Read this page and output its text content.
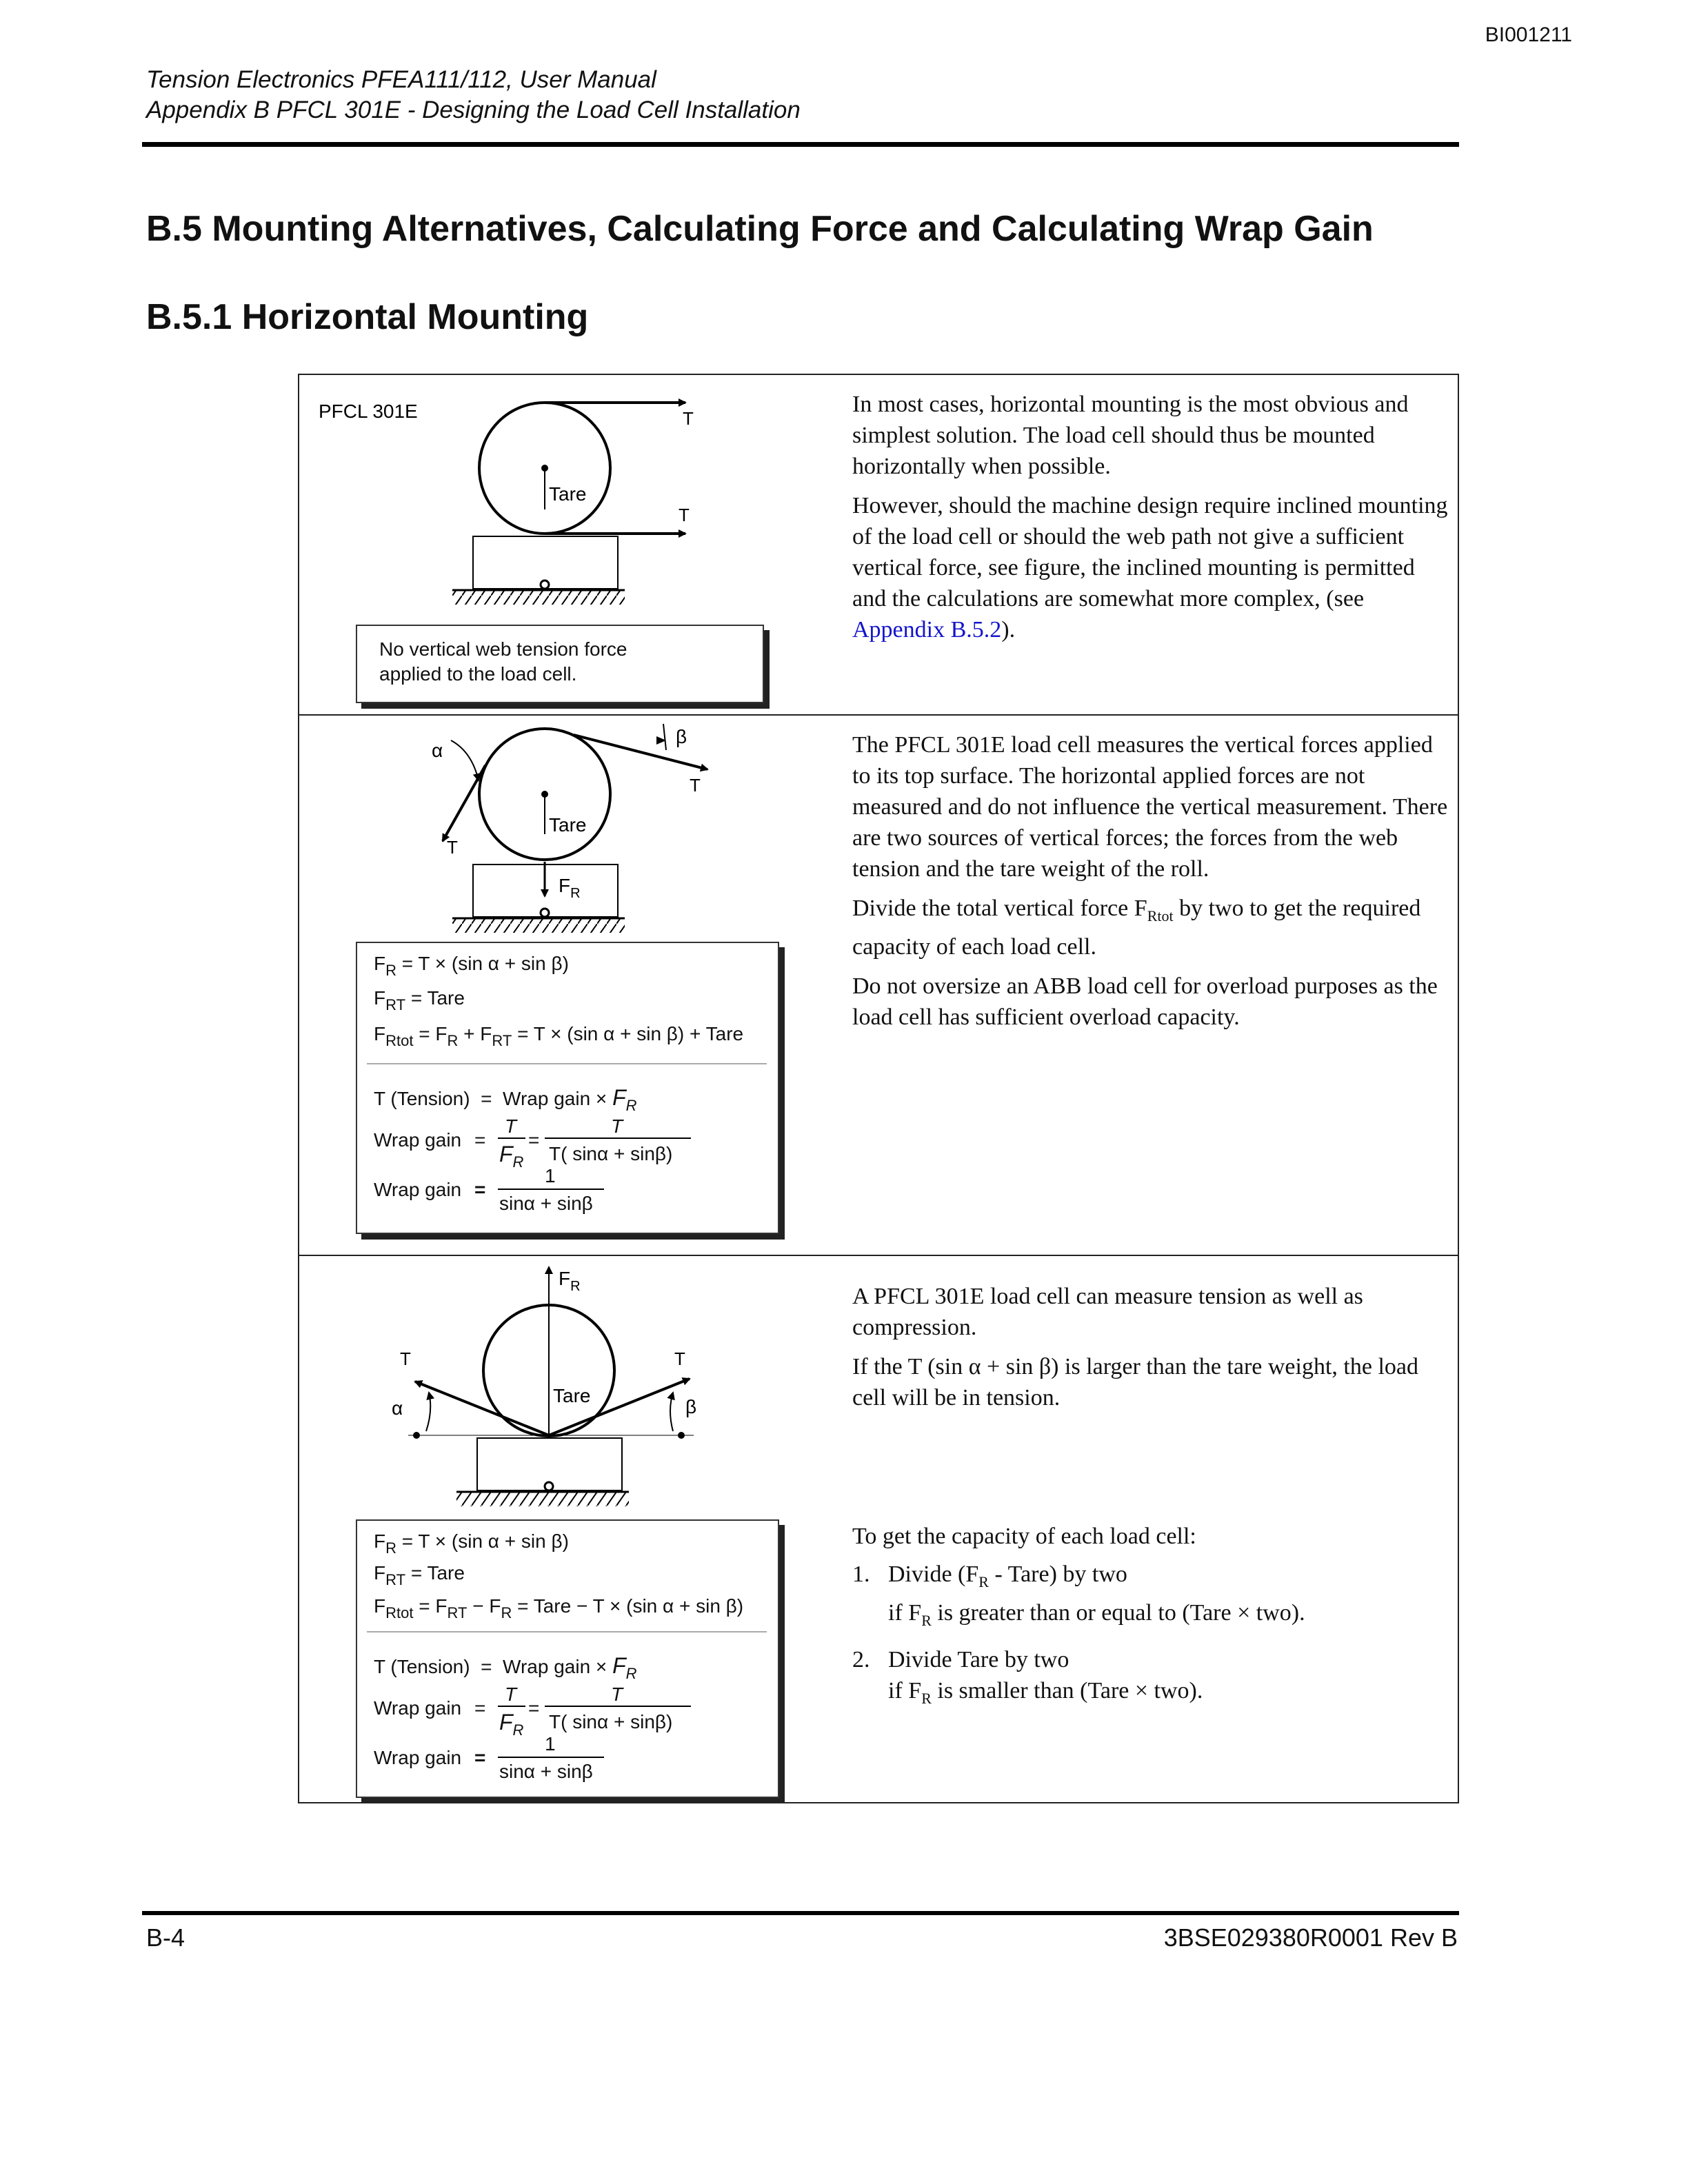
BI001211
Tension Electronics PFEA111/112, User Manual
Appendix B PFCL 301E - Designing the Load Cell Installation
B.5 Mounting Alternatives, Calculating Force and Calculating Wrap Gain
B.5.1 Horizontal Mounting
PFCL 301E	T
T
Tare
No vertical web tension force
applied to the load cell.

In most cases, horizontal mounting is the most obvious and simplest solution. The load cell should thus be mounted horizontally when possible.

However, should the machine design require inclined mounting of the load cell or should the web path not give a sufficient vertical force, see figure, the inclined mounting is permitted and the calculations are somewhat more complex, (see Appendix B.5.2).

α
β
T
T
Tare
$F_R$
$F_R = T \times (\sin$ α + sin β)
$F_{RT}$ = Tare
$F_{Rtot} = F_R + F_{RT} = T \times (\sin$ α + sin β) + Tare
T (Tension) = Wrap gain × $F_R$
Wrap gain =
T
$F_R$
=
T
T( sinα + sinβ)
Wrap gain =
1
sinα + sinβ

The PFCL 301E load cell measures the vertical forces applied to its top surface. The horizontal applied forces are not measured and do not influence the vertical measurement. There are two sources of vertical forces; the forces from the web tension and the tare weight of the roll.

Divide the total vertical force $F_{Rtot}$ by two to get the required capacity of each load cell.

Do not oversize an ABB load cell for overload purposes as the load cell has sufficient overload capacity.

$F_R$
α	β
T	T
Tare
$F_R = T \times (\sin$ α + sin β)
$F_{RT}$ = Tare
$F_{Rtot} = F_{RT} - F_R$ = Tare − T × (sin α + sin β)
T (Tension) = Wrap gain × $F_R$
Wrap gain =
T
$F_R$
=
T
T( sinα + sinβ)
Wrap gain =
1
sinα + sinβ

A PFCL 301E load cell can measure tension as well as compression.

If the T (sin α + sin β) is larger than the tare weight, the load cell will be in tension.

To get the capacity of each load cell:

1. Divide ($F_R$ - Tare) by two
if $F_R$ is greater than or equal to (Tare × two).
2. Divide Tare by two
if $F_R$ is smaller than (Tare × two).
B-4	3BSE029380R0001 Rev B
